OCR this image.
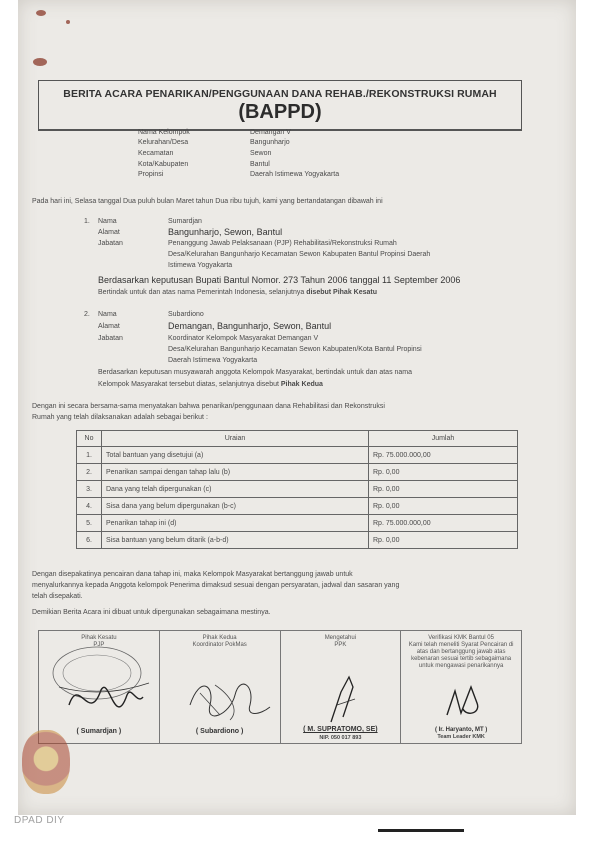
BERITA ACARA PENARIKAN/PENGGUNAAN DANA REHAB./REKONSTRUKSI RUMAH
(BAPPD)
Nama Kelompok	Demangan V
Kelurahan/Desa	Bangunharjo
Kecamatan	Sewon
Kota/Kabupaten	Bantul
Propinsi	Daerah Istimewa Yogyakarta
Pada hari ini, Selasa tanggal Dua puluh bulan Maret tahun Dua ribu tujuh, kami yang bertandatangan dibawah ini
1. Nama	Sumardjan
Alamat	Bangunharjo, Sewon, Bantul
Jabatan	Penanggung Jawab Pelaksanaan (PJP) Rehabilitasi/Rekonstruksi Rumah
Desa/Kelurahan Bangunharjo Kecamatan Sewon Kabupaten Bantul Propinsi Daerah
Istimewa Yogyakarta
Berdasarkan keputusan Bupati Bantul Nomor. 273 Tahun 2006 tanggal 11 September 2006
Bertindak untuk dan atas nama Pemerintah Indonesia, selanjutnya disebut Pihak Kesatu
2. Nama	Subardiono
Alamat	Demangan, Bangunharjo, Sewon, Bantul
Jabatan	Koordinator Kelompok Masyarakat Demangan V
Desa/Kelurahan Bangunharjo Kecamatan Sewon Kabupaten/Kota Bantul Propinsi
Daerah Istimewa Yogyakarta
Berdasarkan keputusan musyawarah anggota Kelompok Masyarakat, bertindak untuk dan atas nama
Kelompok Masyarakat tersebut diatas, selanjutnya disebut Pihak Kedua
Dengan ini secara bersama-sama menyatakan bahwa penarikan/penggunaan dana Rehabilitasi dan Rekonstruksi
Rumah yang telah dilaksanakan adalah sebagai berikut :
No	Uraian	Jumlah
1.	Total bantuan yang disetujui (a)	Rp. 75.000.000,00
2.	Penarikan sampai dengan tahap lalu (b)	Rp. 0,00
3.	Dana yang telah dipergunakan (c)	Rp. 0,00
4.	Sisa dana yang belum dipergunakan (b-c)	Rp. 0,00
5.	Penarikan tahap ini (d)	Rp. 75.000.000,00
6.	Sisa bantuan yang belum ditarik (a-b-d)	Rp. 0,00
Dengan disepakatinya pencairan dana tahap ini, maka Kelompok Masyarakat bertanggung jawab untuk
menyalurkannya kepada Anggota kelompok Penerima dimaksud sesuai dengan persyaratan, jadwal dan sasaran yang
telah disepakati.
Demikian Berita Acara ini dibuat untuk dipergunakan sebagaimana mestinya.
Pihak Kesatu
PJP
( Sumardjan )
Pihak Kedua
Koordinator PokMas
( Subardiono )
Mengetahui
PPK
( M. SUPRATOMO, SE)
NIP. 050 017 893
Verifikasi KMK Bantul 05
Kami telah meneliti Syarat Pencairan di atas dan bertanggung jawab atas kebenaran sesuai tertib sebagaimana untuk mengawasi penarikannya
( Ir. Haryanto, MT )
Team Leader KMK
DPAD DIY
